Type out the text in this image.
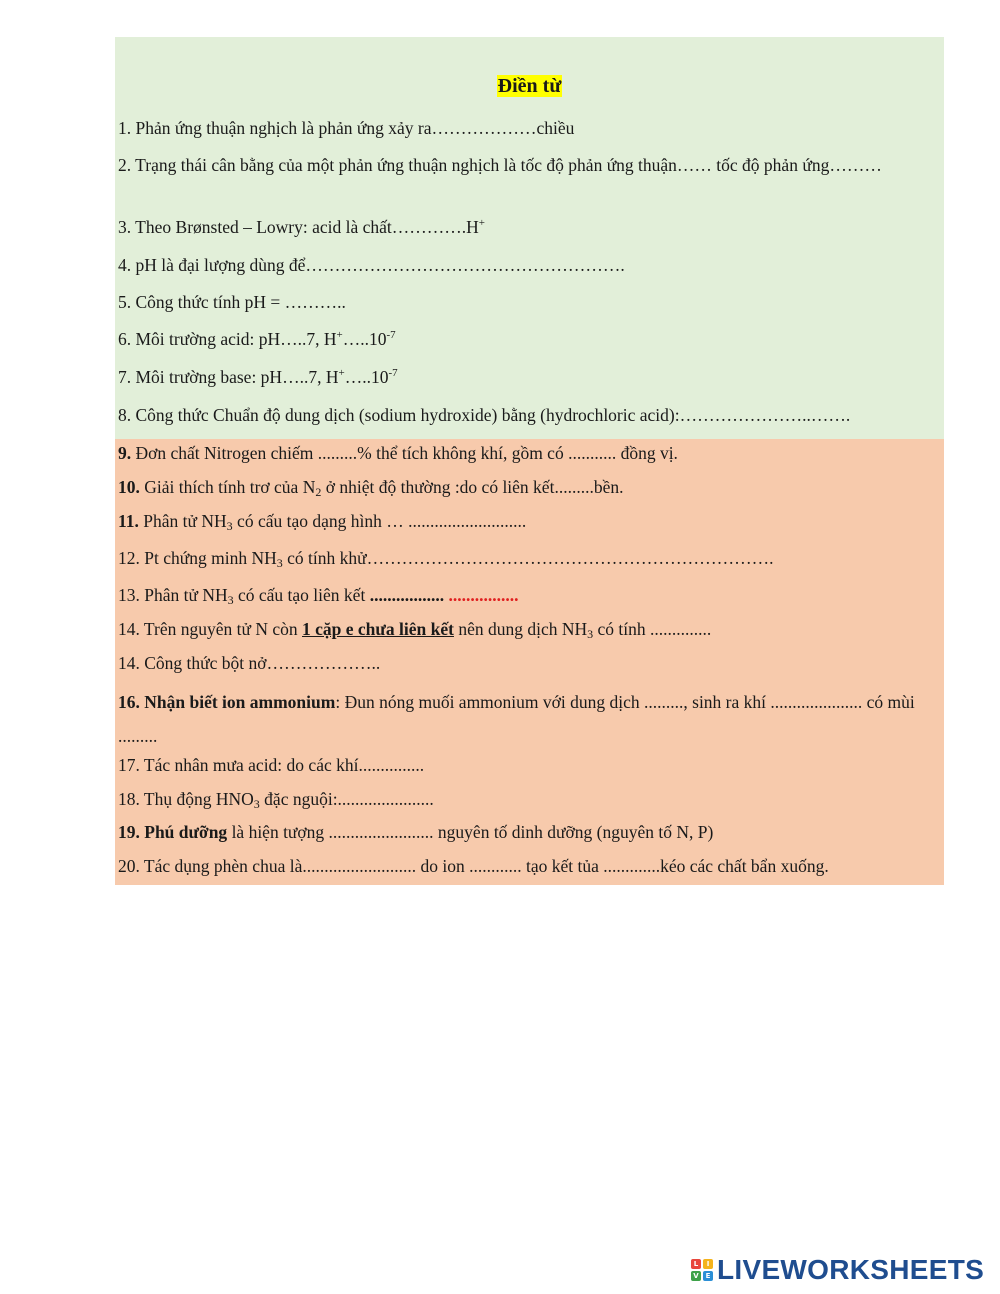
Điền từ
1. Phản ứng thuận nghịch là phản ứng xảy ra………………chiều
2. Trạng thái cân bằng của một phản ứng thuận nghịch là tốc độ phản ứng thuận…… tốc độ phản ứng………
3. Theo Brønsted – Lowry: acid là chất………….H+
4. pH là đại lượng dùng để……………………………………………….
5. Công thức tính pH = ………..
6. Môi trường acid: pH…..7, $H^+\dots..10^{-7}$
7. Môi trường base: pH…..7, $H^+\dots..10^{-7}$
8. Công thức Chuẩn độ dung dịch (sodium hydroxide) bằng (hydrochloric acid):…………………..…….
9. Đơn chất Nitrogen chiếm .........% thể tích không khí, gồm có ........... đồng vị.
10. Giải thích tính trơ của $N_2$ ở nhiệt độ thường :do có liên kết.........bền.
11. Phân tử $NH_3$ có cấu tạo dạng hình … ...........................
12. Pt chứng minh $NH_3$ có tính khử…………………………………………………………….
13. Phân tử $NH_3$ có cấu tạo liên kết ................. ................
14. Trên nguyên tử N còn 1 cặp e chưa liên kết nên dung dịch $NH_3$ có tính ..............
14. Công thức bột nở………………..
16. Nhận biết ion ammonium: Đun nóng muối ammonium với dung dịch ........., sinh ra khí ..................... có mùi .........
17. Tác nhân mưa acid: do các khí...............
18. Thụ động $HNO_3$ đặc nguội:......................
19. Phú dưỡng là hiện tượng ........................ nguyên tố dinh dưỡng (nguyên tố N, P)
20. Tác dụng phèn chua là.......................... do ion ............ tạo kết tủa .............kéo các chất bẩn xuống.
L	I
V E LIVEWORKSHEETS
